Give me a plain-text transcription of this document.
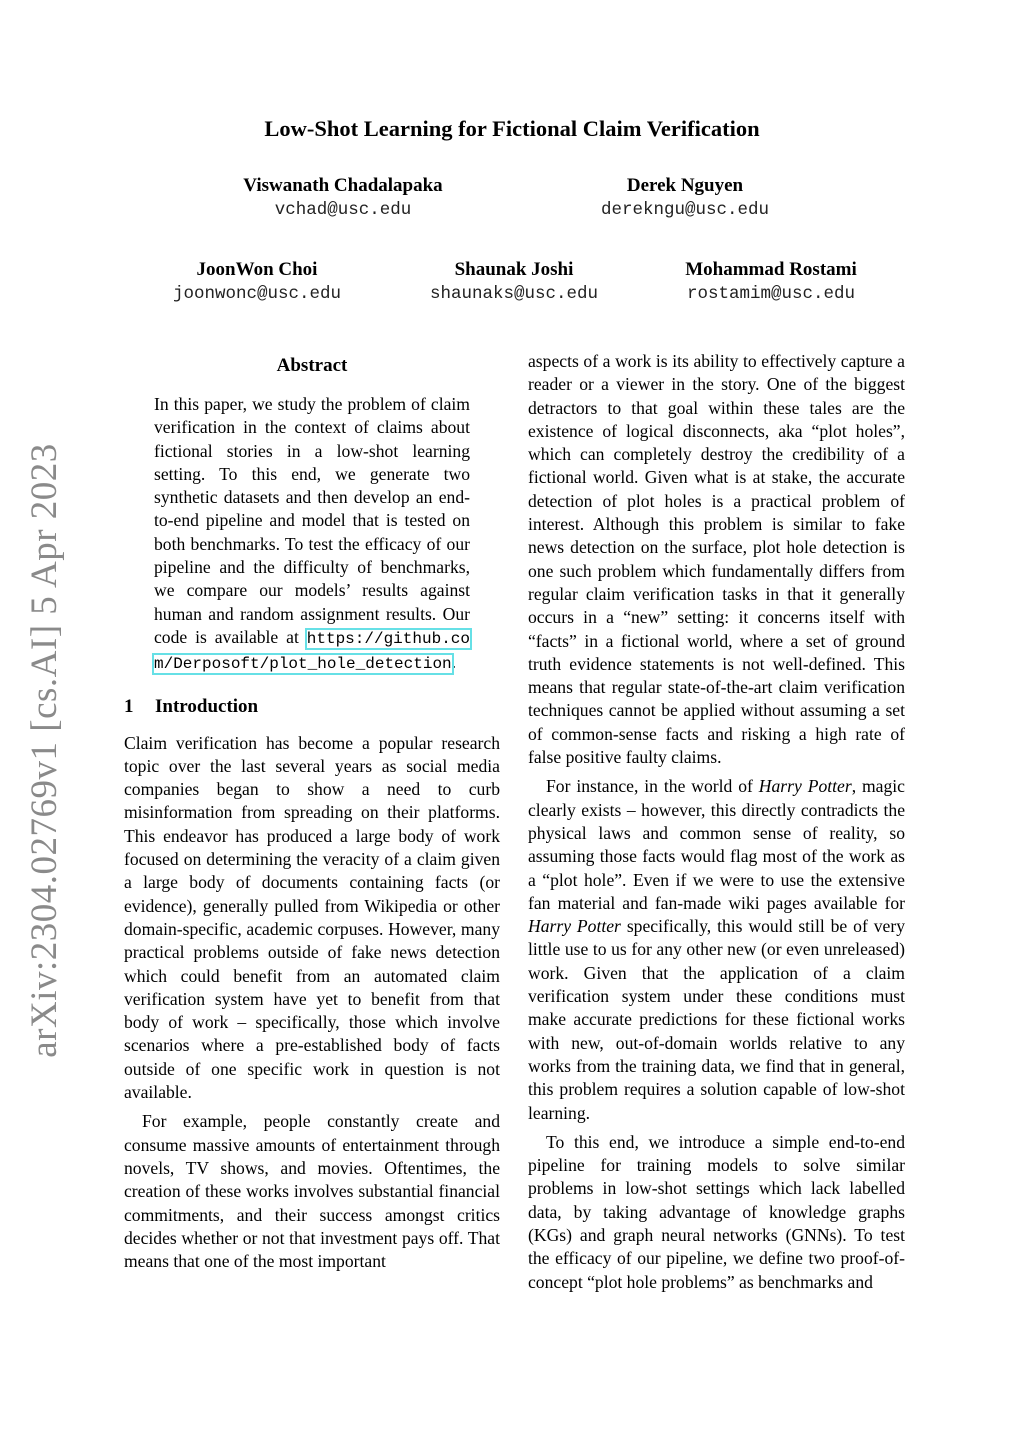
arXiv:2304.02769v1 [cs.AI] 5 Apr 2023
Low-Shot Learning for Fictional Claim Verification
Viswanath Chadalapaka
vchad@usc.edu
Derek Nguyen
derekngu@usc.edu
JoonWon Choi
joonwonc@usc.edu
Shaunak Joshi
shaunaks@usc.edu
Mohammad Rostami
rostamim@usc.edu
Abstract
In this paper, we study the problem of claim verification in the context of claims about fictional stories in a low-shot learning setting. To this end, we generate two synthetic datasets and then develop an end-to-end pipeline and model that is tested on both benchmarks. To test the efficacy of our pipeline and the difficulty of benchmarks, we compare our models’ results against human and random assignment results. Our code is available at https://github.com/Derposoft/plot_hole_detection.
1 Introduction

Claim verification has become a popular research topic over the last several years as social media companies began to show a need to curb misinformation from spreading on their platforms. This endeavor has produced a large body of work focused on determining the veracity of a claim given a large body of documents containing facts (or evidence), generally pulled from Wikipedia or other domain-specific, academic corpuses. However, many practical problems outside of fake news detection which could benefit from an automated claim verification system have yet to benefit from that body of work – specifically, those which involve scenarios where a pre-established body of facts outside of one specific work in question is not available.

For example, people constantly create and consume massive amounts of entertainment through novels, TV shows, and movies. Oftentimes, the creation of these works involves substantial financial commitments, and their success amongst critics decides whether or not that investment pays off. That means that one of the most important

aspects of a work is its ability to effectively capture a reader or a viewer in the story. One of the biggest detractors to that goal within these tales are the existence of logical disconnects, aka “plot holes”, which can completely destroy the credibility of a fictional world. Given what is at stake, the accurate detection of plot holes is a practical problem of interest. Although this problem is similar to fake news detection on the surface, plot hole detection is one such problem which fundamentally differs from regular claim verification tasks in that it generally occurs in a “new” setting: it concerns itself with “facts” in a fictional world, where a set of ground truth evidence statements is not well-defined. This means that regular state-of-the-art claim verification techniques cannot be applied without assuming a set of common-sense facts and risking a high rate of false positive faulty claims.

For instance, in the world of Harry Potter, magic clearly exists – however, this directly contradicts the physical laws and common sense of reality, so assuming those facts would flag most of the work as a “plot hole”. Even if we were to use the extensive fan material and fan-made wiki pages available for Harry Potter specifically, this would still be of very little use to us for any other new (or even unreleased) work. Given that the application of a claim verification system under these conditions must make accurate predictions for these fictional works with new, out-of-domain worlds relative to any works from the training data, we find that in general, this problem requires a solution capable of low-shot learning.

To this end, we introduce a simple end-to-end pipeline for training models to solve similar problems in low-shot settings which lack labelled data, by taking advantage of knowledge graphs (KGs) and graph neural networks (GNNs). To test the efficacy of our pipeline, we define two proof-of-concept “plot hole problems” as benchmarks and
